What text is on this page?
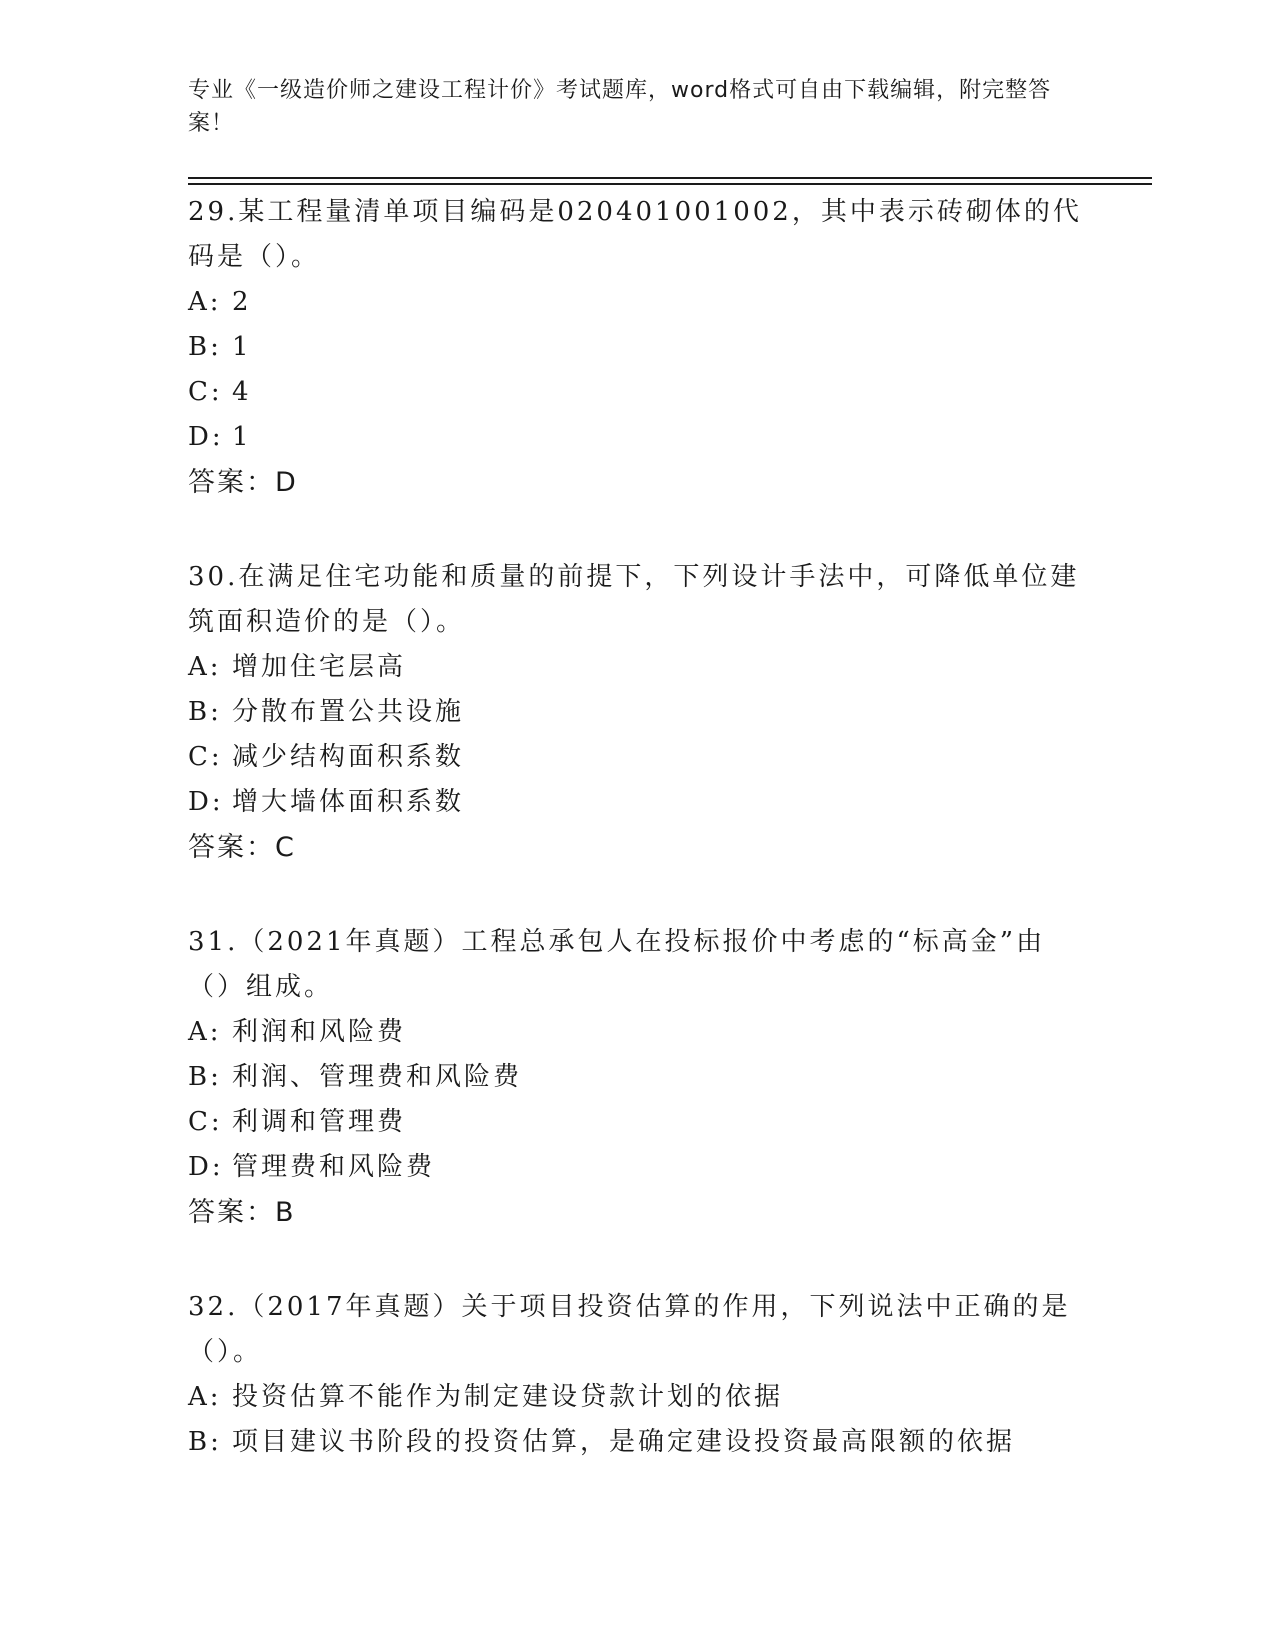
专业《一级造价师之建设工程计价》考试题库，word格式可自由下载编辑，附完整答案！

29.某工程量清单项目编码是020401001002，其中表示砖砌体的代码是（）。

A: 2

B: 1

C: 4

D: 1

答案：D

30.在满足住宅功能和质量的前提下，下列设计手法中，可降低单位建筑面积造价的是（）。

A: 增加住宅层高

B: 分散布置公共设施

C: 减少结构面积系数

D: 增大墙体面积系数

答案：C

31.（2021年真题）工程总承包人在投标报价中考虑的“标高金”由（）组成。

A: 利润和风险费

B: 利润、管理费和风险费

C: 利调和管理费

D: 管理费和风险费

答案：B

32.（2017年真题）关于项目投资估算的作用，下列说法中正确的是（）。

A: 投资估算不能作为制定建设贷款计划的依据

B: 项目建议书阶段的投资估算，是确定建设投资最高限额的依据
